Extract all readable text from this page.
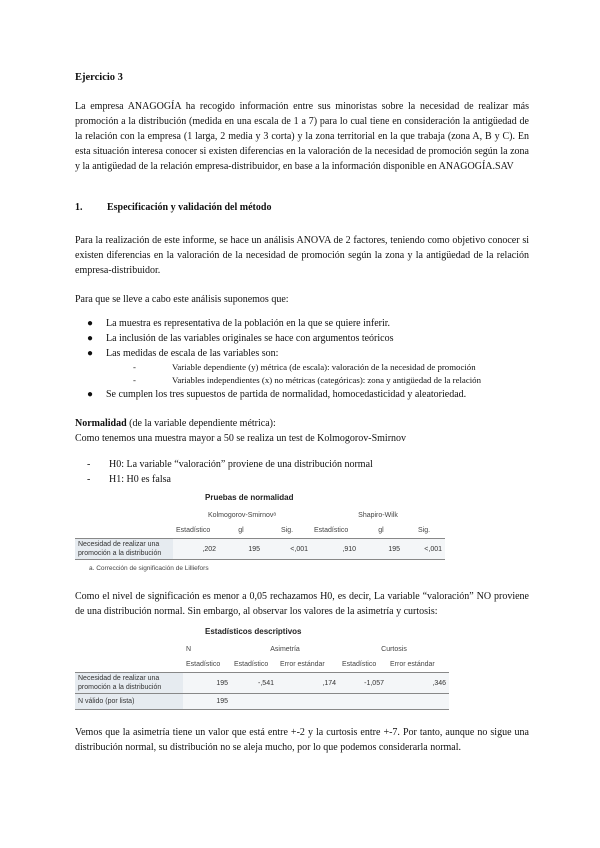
Ejercicio 3

La empresa ANAGOGÍA ha recogido información entre sus minoristas sobre la necesidad de realizar más promoción a la distribución (medida en una escala de 1 a 7) para lo cual tiene en consideración la antigüedad de la relación con la empresa (1 larga, 2 media y 3 corta) y la zona territorial en la que trabaja (zona A, B y C). En esta situación interesa conocer si existen diferencias en la valoración de la necesidad de promoción según la zona y la antigüedad de la relación empresa-distribuidor, en base a la información disponible en ANAGOGÍA.SAV

1.	Especificación y validación del método

Para la realización de este informe, se hace un análisis ANOVA de 2 factores, teniendo como objetivo conocer si existen diferencias en la valoración de la necesidad de promoción según la zona y la antigüedad de la relación empresa-distribuidor.

Para que se lleve a cabo este análisis suponemos que:

●	La muestra es representativa de la población en la que se quiere inferir.
●	La inclusión de las variables originales se hace con argumentos teóricos
●	Las medidas de escala de las variables son:
-	Variable dependiente (y) métrica (de escala): valoración de la necesidad de promoción
-	Variables independientes (x) no métricas (categóricas): zona y antigüedad de la relación
●	Se cumplen los tres supuestos de partida de normalidad, homocedasticidad y aleatoriedad.

Normalidad (de la variable dependiente métrica):

Como tenemos una muestra mayor a 50 se realiza un test de Kolmogorov-Smirnov

-	H0: La variable “valoración” proviene de una distribución normal
-	H1: H0 es falsa
Pruebas de normalidad
	Kolmogorov-Smirnovᵃ			Shapiro-Wilk		
	Estadístico	gl	Sig.	Estadístico	gl	Sig.
Necesidad de realizar una
promoción a la distribución	,202	195	<,001	,910	195	<,001
a. Corrección de significación de Lilliefors

Como el nivel de significación es menor a 0,05 rechazamos H0, es decir, La variable “valoración” NO proviene de una distribución normal. Sin embargo, al observar los valores de la asimetría y curtosis:

Estadísticos descriptivos
	N	Asimetría		Curtosis	
	Estadístico	Estadístico	Error estándar	Estadístico	Error estándar
Necesidad de realizar una
promoción a la distribución	195	-,541	,174	-1,057	,346
N válido (por lista)	195				

Vemos que la asimetría tiene un valor que está entre +-2 y la curtosis entre +-7. Por tanto, aunque no sigue una distribución normal, su distribución no se aleja mucho, por lo que podemos considerarla normal.
